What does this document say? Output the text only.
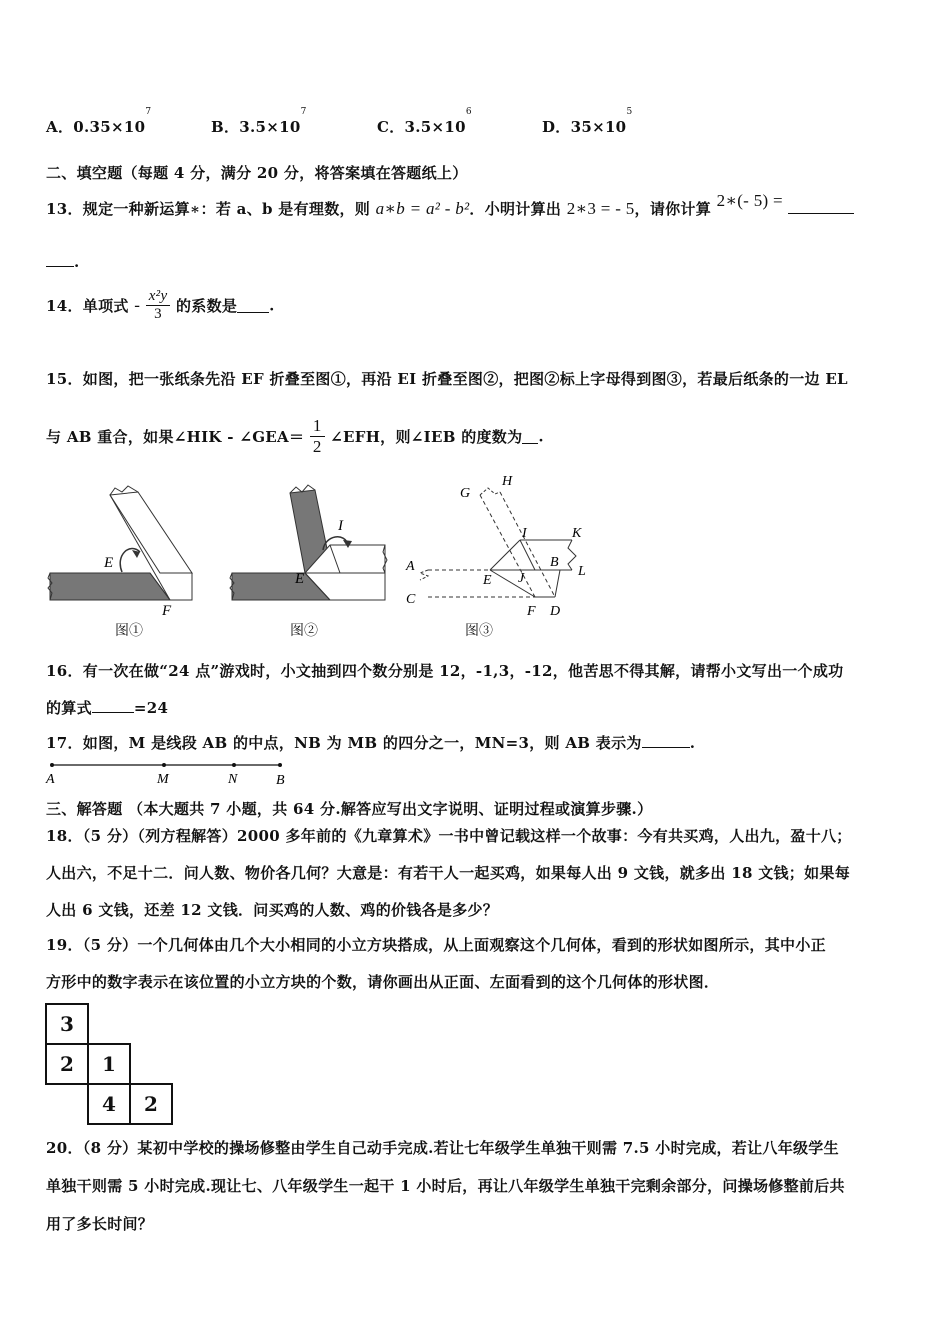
A．$0.35\times 10^7$
B．$3.5\times 10^7$
C．$3.5\times 10^6$
D．$35\times 10^5$
二、填空题（每题 4 分，满分 20 分，将答案填在答题纸上）
13．规定一种新运算∗：若 a、b 是有理数，则 a∗b = a² - b²．小明计算出 2∗3 = - 5，请你计算 2∗(- 5) =
.
14．单项式 - $\frac{\text{x²y}}{3}$ 的系数是 .
15．如图，把一张纸条先沿 EF 折叠至图①，再沿 EI 折叠至图②，把图②标上字母得到图③，若最后纸条的一边 EL
与 AB 重合，如果∠HIK - ∠GEA＝ $\frac{1}{2}$ ∠EFH，则∠IEB 的度数为 .
E
F
I
E
G
H
I	K
B
L
A
C
E J
F D
图①	图②	图③
16．有一次在做“24 点”游戏时，小文抽到四个数分别是 12，-1,3，-12，他苦思不得其解，请帮小文写出一个成功
的算式	=24
17．如图，M 是线段 AB 的中点，NB 为 MB 的四分之一，MN=3，则 AB 表示为	.
A	M	N	B
三、解答题 （本大题共 7 小题，共 64 分.解答应写出文字说明、证明过程或演算步骤.）
18．（5 分）（列方程解答）2000 多年前的《九章算术》一书中曾记载这样一个故事：今有共买鸡，人出九，盈十八；
人出六，不足十二．问人数、物价各几何？大意是：有若干人一起买鸡，如果每人出 9 文钱，就多出 18 文钱；如果每
人出 6 文钱，还差 12 文钱．问买鸡的人数、鸡的价钱各是多少？
19．（5 分）一个几何体由几个大小相同的小立方块搭成，从上面观察这个几何体，看到的形状如图所示，其中小正
方形中的数字表示在该位置的小立方块的个数，请你画出从正面、左面看到的这个几何体的形状图．
3		
2	1	
	4	2
20．（8 分）某初中学校的操场修整由学生自己动手完成.若让七年级学生单独干则需 7.5 小时完成，若让八年级学生
单独干则需 5 小时完成.现让七、八年级学生一起干 1 小时后，再让八年级学生单独干完剩余部分，问操场修整前后共
用了多长时间？
